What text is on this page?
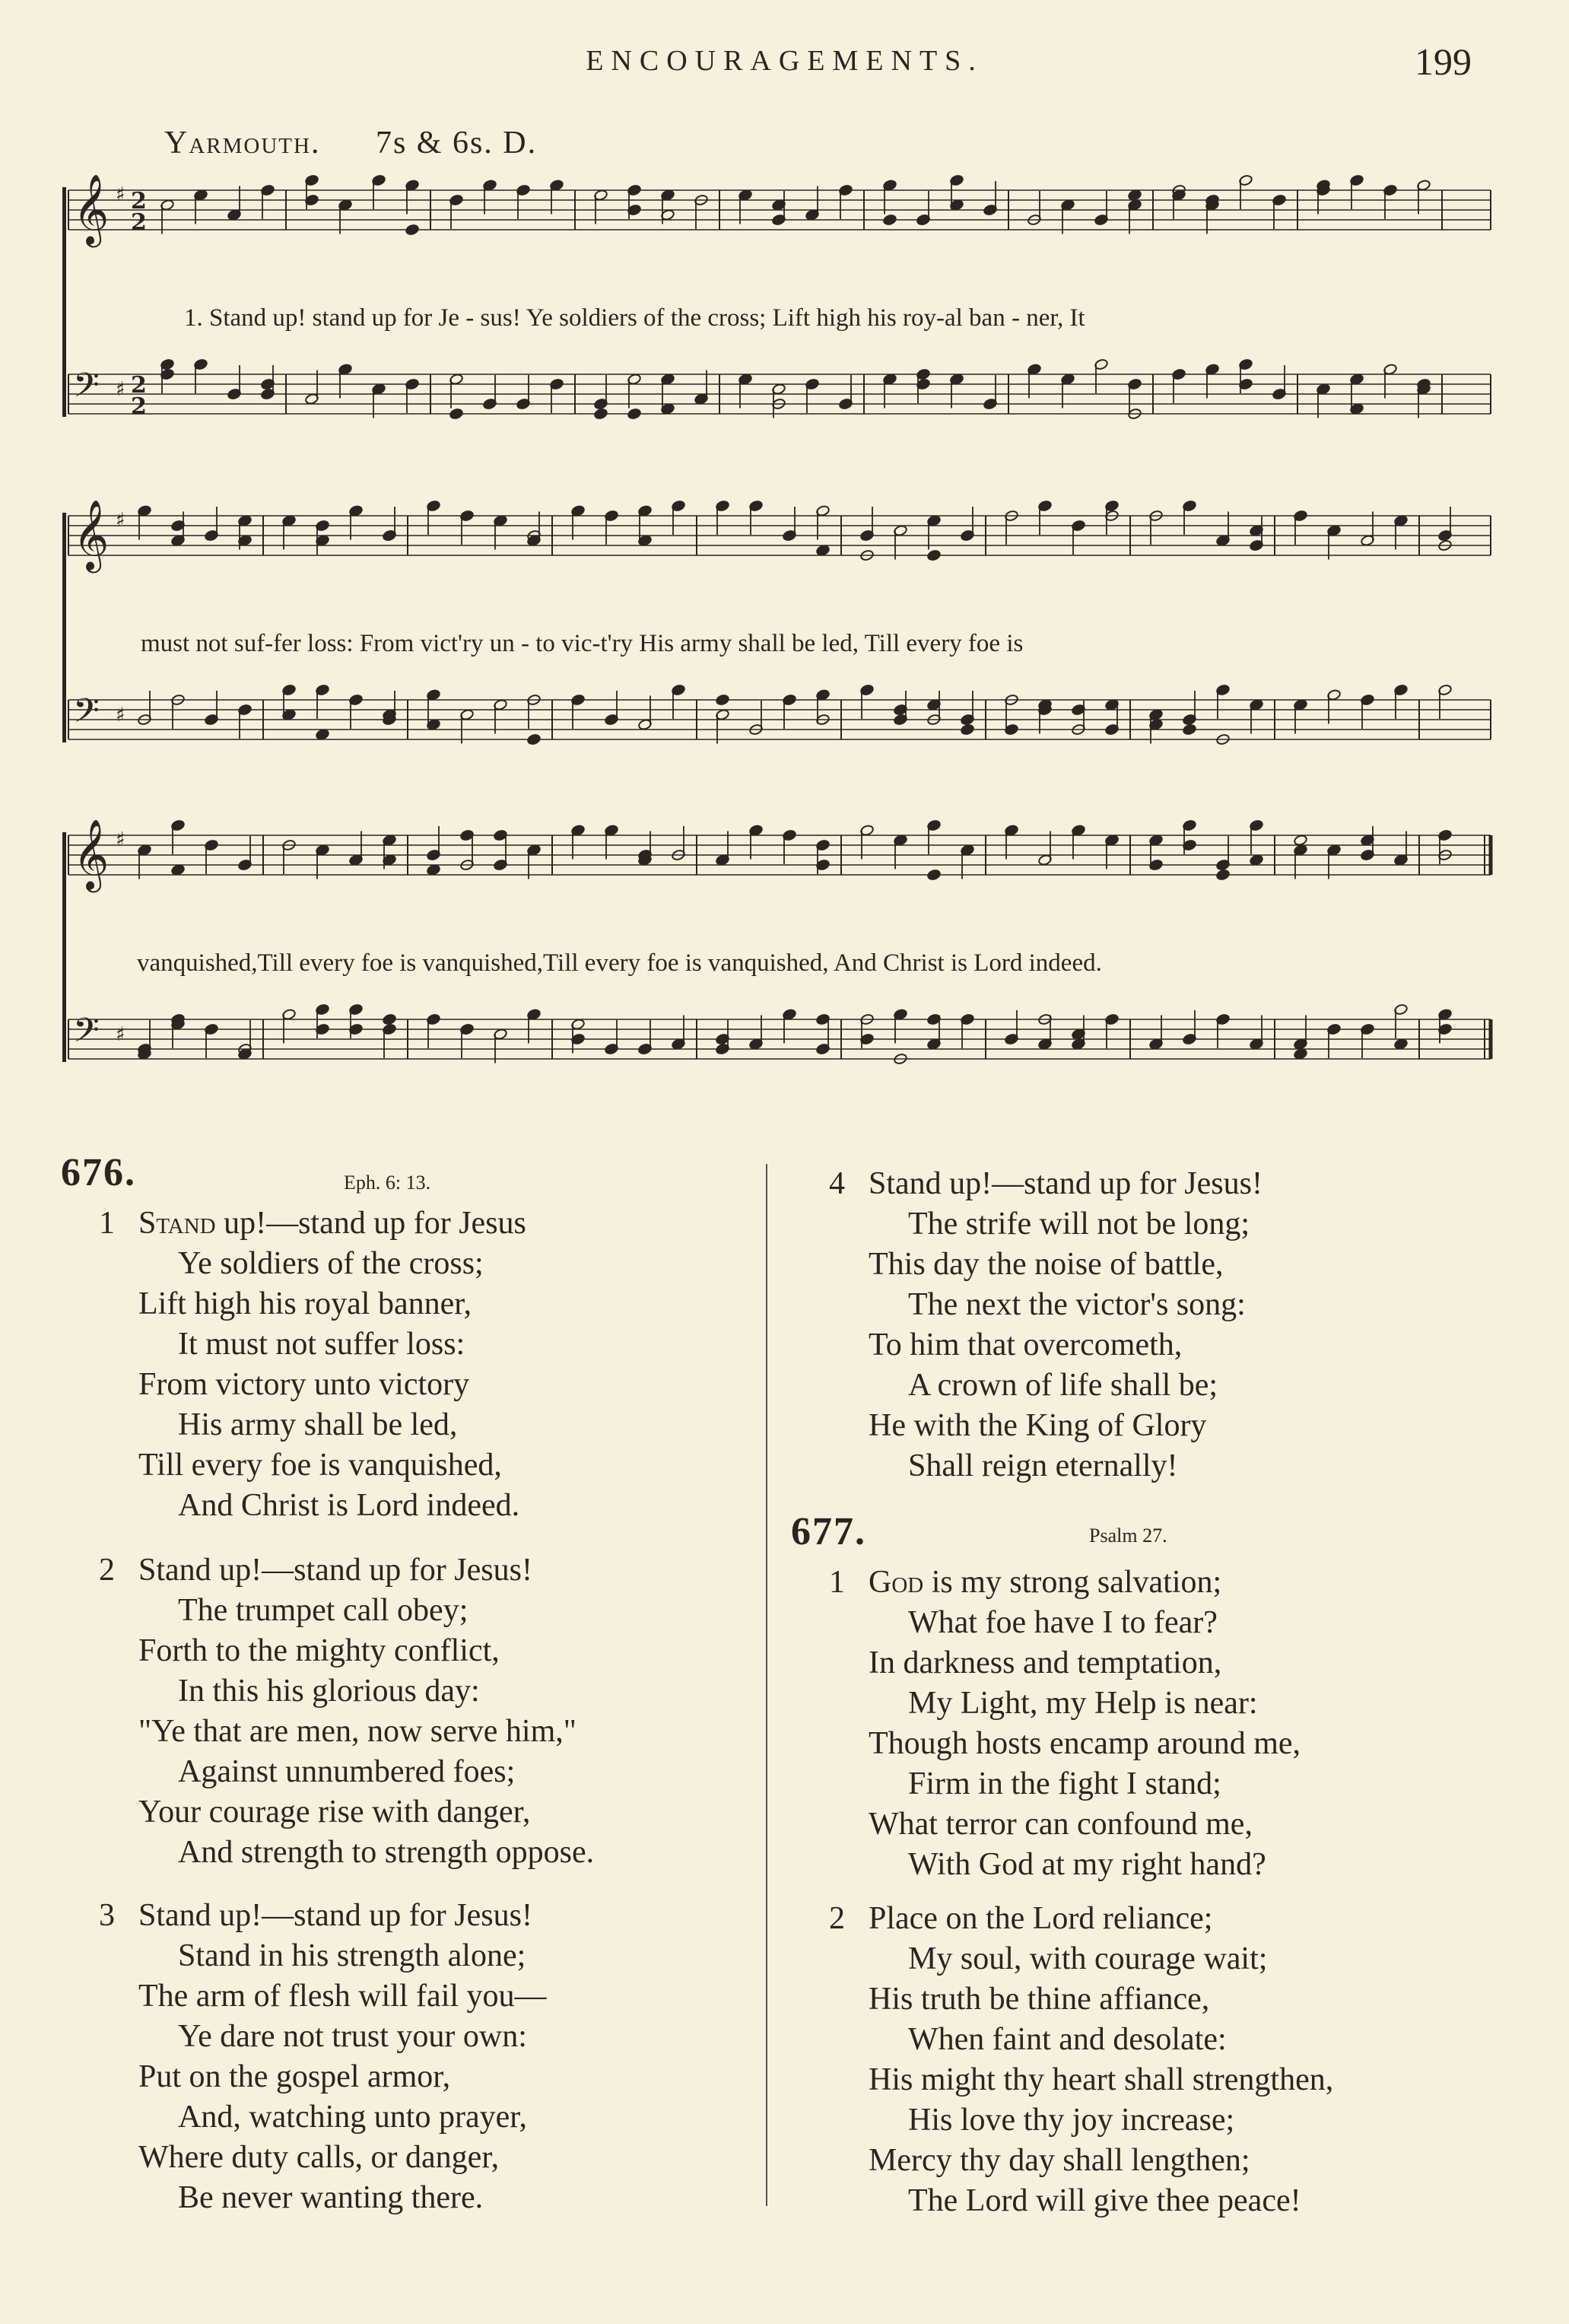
ENCOURAGEMENTS.	199
Yarmouth. 7s & 6s. D.
𝄞 ♯ 2
2
𝄢 ♯ 2
2
𝄞 ♯
𝄢 ♯
𝄞 ♯
𝄢 ♯
1. Stand up! stand up for Je - sus! Ye soldiers of the cross; Lift high his roy-al ban - ner, It
must not suf-fer loss: From vict'ry un - to vic-t'ry His army shall be led, Till every foe is
vanquished,Till every foe is vanquished,Till every foe is vanquished, And Christ is Lord indeed.
676.	Eph. 6: 13.
1 Stand up!—stand up for Jesus
Ye soldiers of the cross;
Lift high his royal banner,
It must not suffer loss:
From victory unto victory
His army shall be led,
Till every foe is vanquished,
And Christ is Lord indeed.
2 Stand up!—stand up for Jesus!
The trumpet call obey;
Forth to the mighty conflict,
In this his glorious day:
"Ye that are men, now serve him,"
Against unnumbered foes;
Your courage rise with danger,
And strength to strength oppose.
3 Stand up!—stand up for Jesus!
Stand in his strength alone;
The arm of flesh will fail you—
Ye dare not trust your own:
Put on the gospel armor,
And, watching unto prayer,
Where duty calls, or danger,
Be never wanting there.
4 Stand up!—stand up for Jesus!
The strife will not be long;
This day the noise of battle,
The next the victor's song:
To him that overcometh,
A crown of life shall be;
He with the King of Glory
Shall reign eternally!
677.	Psalm 27.
1 God is my strong salvation;
What foe have I to fear?
In darkness and temptation,
My Light, my Help is near:
Though hosts encamp around me,
Firm in the fight I stand;
What terror can confound me,
With God at my right hand?
2 Place on the Lord reliance;
My soul, with courage wait;
His truth be thine affiance,
When faint and desolate:
His might thy heart shall strengthen,
His love thy joy increase;
Mercy thy day shall lengthen;
The Lord will give thee peace!
